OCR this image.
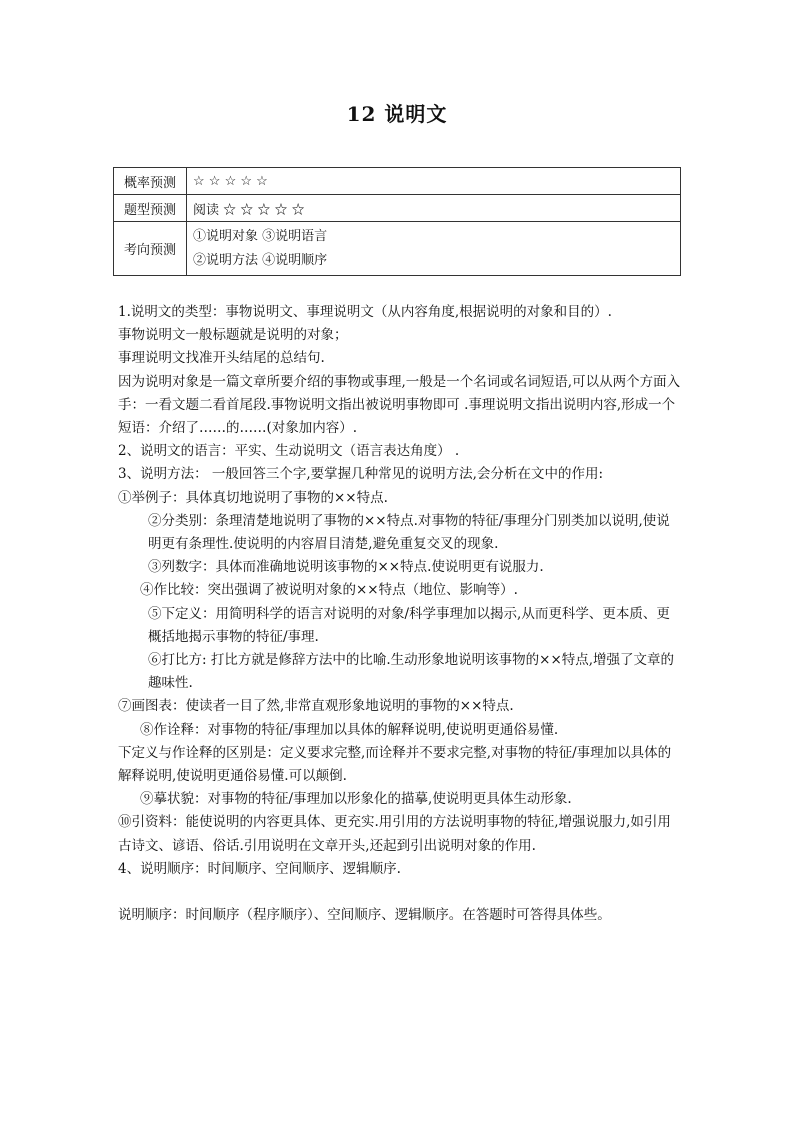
12 说明文
概率预测	☆ ☆ ☆ ☆ ☆
题型预测	阅读 ☆ ☆ ☆ ☆ ☆
考向预测	①说明对象 ③说明语言
②说明方法 ④说明顺序

1.说明文的类型：事物说明文、事理说明文（从内容角度,根据说明的对象和目的）.

事物说明文一般标题就是说明的对象；

事理说明文找准开头结尾的总结句.

因为说明对象是一篇文章所要介绍的事物或事理,一般是一个名词或名词短语,可以从两个方面入手：一看文题二看首尾段.事物说明文指出被说明事物即可 .事理说明文指出说明内容,形成一个短语：介绍了……的……(对象加内容）.

2、说明文的语言：平实、生动说明文（语言表达角度） .

3、说明方法： 一般回答三个字,要掌握几种常见的说明方法,会分析在文中的作用:

①举例子：具体真切地说明了事物的××特点.

②分类别：条理清楚地说明了事物的××特点.对事物的特征/事理分门别类加以说明,使说明更有条理性.使说明的内容眉目清楚,避免重复交叉的现象.

③列数字：具体而准确地说明该事物的××特点.使说明更有说服力.

④作比较：突出强调了被说明对象的××特点（地位、影响等）.

⑤下定义：用简明科学的语言对说明的对象/科学事理加以揭示,从而更科学、更本质、更概括地揭示事物的特征/事理.

⑥打比方: 打比方就是修辞方法中的比喻.生动形象地说明该事物的××特点,增强了文章的趣味性.

⑦画图表：使读者一目了然,非常直观形象地说明的事物的××特点.

⑧作诠释：对事物的特征/事理加以具体的解释说明,使说明更通俗易懂.

下定义与作诠释的区别是：定义要求完整,而诠释并不要求完整,对事物的特征/事理加以具体的解释说明,使说明更通俗易懂.可以颠倒.

⑨摹状貌：对事物的特征/事理加以形象化的描摹,使说明更具体生动形象.

⑩引资料：能使说明的内容更具体、更充实.用引用的方法说明事物的特征,增强说服力,如引用古诗文、谚语、俗话.引用说明在文章开头,还起到引出说明对象的作用.

4、说明顺序：时间顺序、空间顺序、逻辑顺序.

说明顺序：时间顺序（程序顺序）、空间顺序、逻辑顺序。在答题时可答得具体些。
